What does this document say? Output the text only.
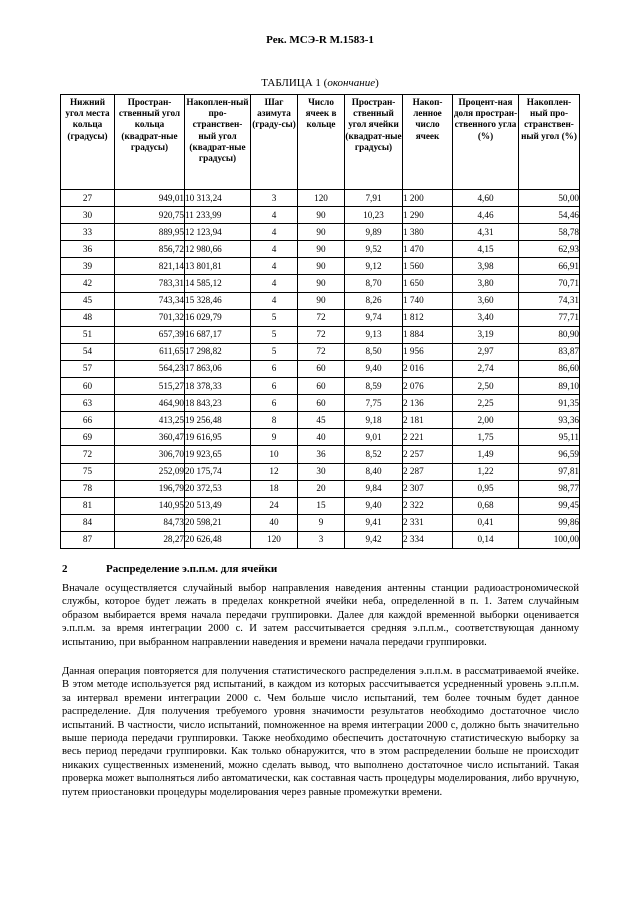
Рек. МСЭ-R M.1583-1
ТАБЛИЦА 1 (окончание)
Нижний угол места кольца (градусы)	Простран-ственный угол кольца (квадрат-ные градусы)	Накоплен-ный про-странствен-ный угол (квадрат-ные градусы)	Шаг азимута (граду-сы)	Число ячеек в кольце	Простран-ственный угол ячейки (квадрат-ные градусы)	Накоп-ленное число ячеек	Процент-ная доля простран-ственного угла (%)	Накоплен-ный про-странствен-ный угол (%)
27	949,01	10 313,24	3	120	7,91	1 200	4,60	50,00
30	920,75	11 233,99	4	90	10,23	1 290	4,46	54,46
33	889,95	12 123,94	4	90	9,89	1 380	4,31	58,78
36	856,72	12 980,66	4	90	9,52	1 470	4,15	62,93
39	821,14	13 801,81	4	90	9,12	1 560	3,98	66,91
42	783,31	14 585,12	4	90	8,70	1 650	3,80	70,71
45	743,34	15 328,46	4	90	8,26	1 740	3,60	74,31
48	701,32	16 029,79	5	72	9,74	1 812	3,40	77,71
51	657,39	16 687,17	5	72	9,13	1 884	3,19	80,90
54	611,65	17 298,82	5	72	8,50	1 956	2,97	83,87
57	564,23	17 863,06	6	60	9,40	2 016	2,74	86,60
60	515,27	18 378,33	6	60	8,59	2 076	2,50	89,10
63	464,90	18 843,23	6	60	7,75	2 136	2,25	91,35
66	413,25	19 256,48	8	45	9,18	2 181	2,00	93,36
69	360,47	19 616,95	9	40	9,01	2 221	1,75	95,11
72	306,70	19 923,65	10	36	8,52	2 257	1,49	96,59
75	252,09	20 175,74	12	30	8,40	2 287	1,22	97,81
78	196,79	20 372,53	18	20	9,84	2 307	0,95	98,77
81	140,95	20 513,49	24	15	9,40	2 322	0,68	99,45
84	84,73	20 598,21	40	9	9,41	2 331	0,41	99,86
87	28,27	20 626,48	120	3	9,42	2 334	0,14	100,00
2	Распределение э.п.п.м. для ячейки

Вначале осуществляется случайный выбор направления наведения антенны станции радиоастрономической службы, которое будет лежать в пределах конкретной ячейки неба, определенной в п. 1. Затем случайным образом выбирается время начала передачи группировки. Далее для каждой временной выборки оценивается э.п.п.м. за время интеграции 2000 с. И затем рассчитывается средняя э.п.п.м., соответствующая данному испытанию, при выбранном направлении наведения и времени начала передачи группировки.

Данная операция повторяется для получения статистического распределения э.п.п.м. в рассматриваемой ячейке. В этом методе используется ряд испытаний, в каждом из которых рассчитывается усредненный уровень э.п.п.м. за интервал времени интеграции 2000 с. Чем больше число испытаний, тем более точным будет данное распределение. Для получения требуемого уровня значимости результатов необходимо достаточное число испытаний. В частности, число испытаний, помноженное на время интеграции 2000 с, должно быть значительно выше периода передачи группировки. Также необходимо обеспечить достаточную статистическую выборку за весь период передачи группировки. Как только обнаружится, что в этом распределении больше не происходит никаких существенных изменений, можно сделать вывод, что выполнено достаточное число испытаний. Такая проверка может выполняться либо автоматически, как составная часть процедуры моделирования, либо вручную, путем приостановки процедуры моделирования через равные промежутки времени.
